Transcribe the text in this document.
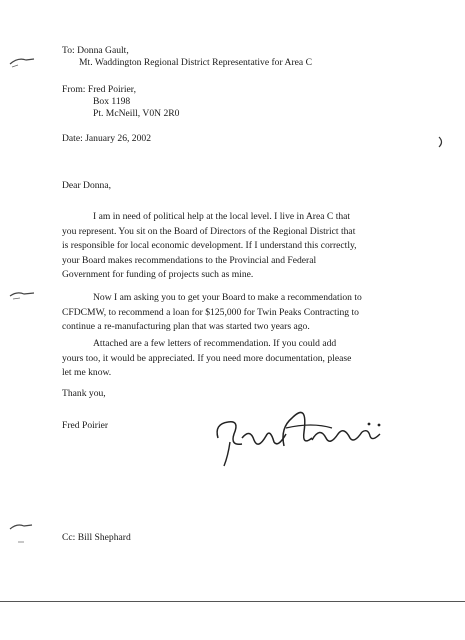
To: Donna Gault,
Mt. Waddington Regional District Representative for Area C
From: Fred Poirier,
Box 1198
Pt. McNeill, V0N 2R0
Date: January 26, 2002
Dear Donna,
I am in need of political help at the local level. I live in Area C that you represent. You sit on the Board of Directors of the Regional District that is responsible for local economic development. If I understand this correctly, your Board makes recommendations to the Provincial and Federal Government for funding of projects such as mine.
Now I am asking you to get your Board to make a recommendation to CFDCMW, to recommend a loan for $125,000 for Twin Peaks Contracting to continue a re-manufacturing plan that was started two years ago.
Attached are a few letters of recommendation. If you could add yours too, it would be appreciated. If you need more documentation, please let me know.
Thank you,
Fred Poirier
Cc: Bill Shephard
